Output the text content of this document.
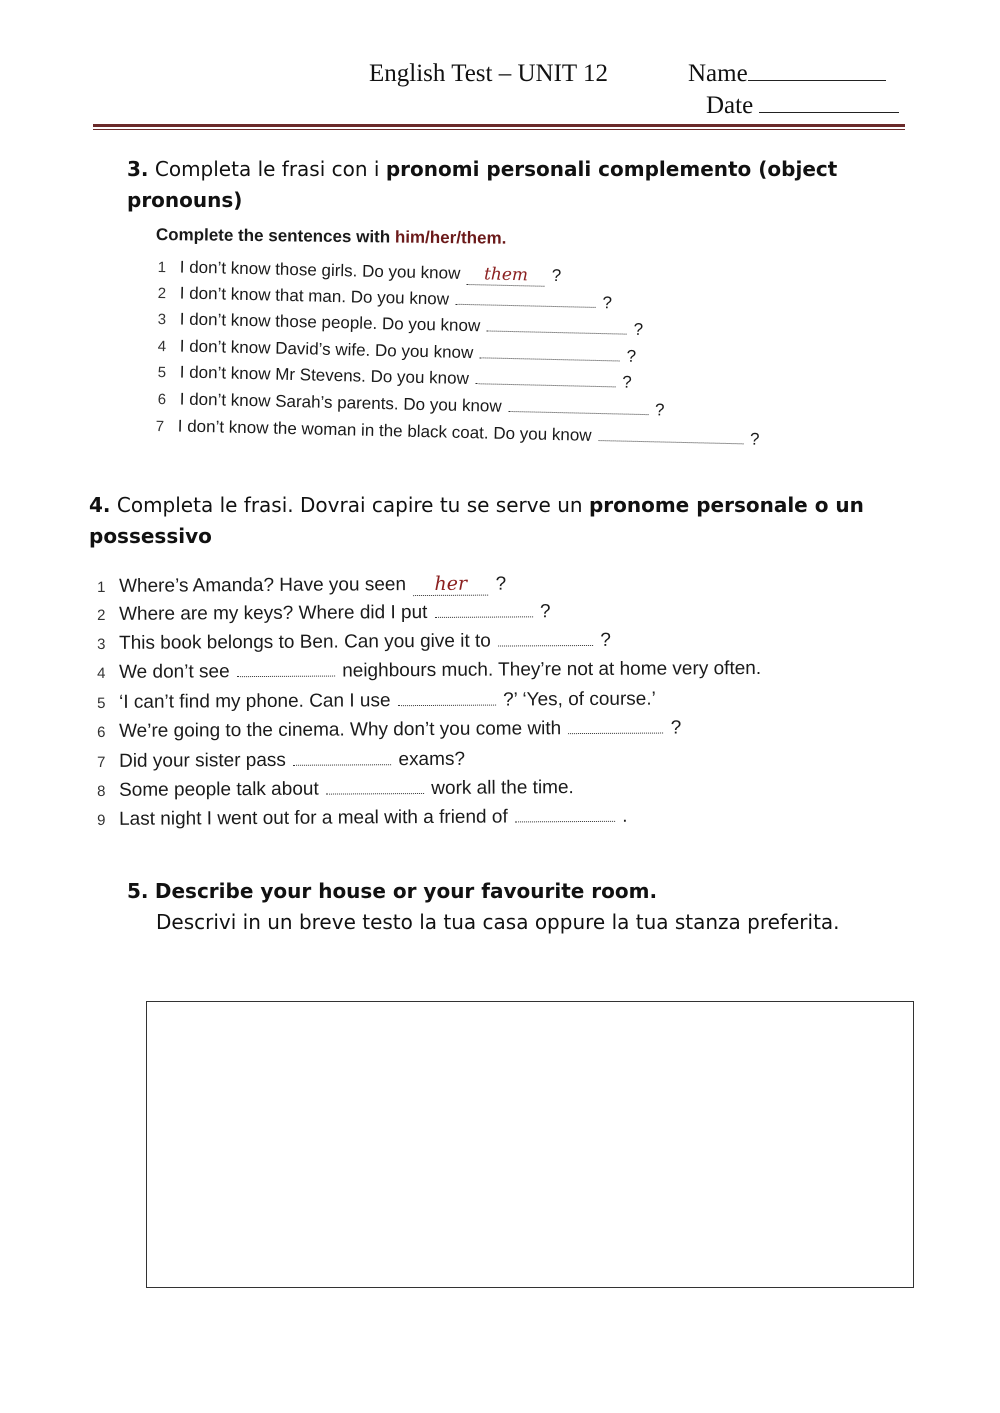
English Test – UNIT 12	Name
Date
3. Completa le frasi con i pronomi personali complemento (object pronouns)
Complete the sentences with him/her/them.
1 I don’t know those girls. Do you know them ?
2 I don’t know that man. Do you know	?
3 I don’t know those people. Do you know	?
4 I don’t know David’s wife. Do you know	?
5 I don’t know Mr Stevens. Do you know	?
6 I don’t know Sarah’s parents. Do you know	?
7 I don’t know the woman in the black coat. Do you know	?
4. Completa le frasi. Dovrai capire tu se serve un pronome personale o un possessivo
1 Where’s Amanda? Have you seen her ?
2 Where are my keys? Where did I put	?
3 This book belongs to Ben. Can you give it to	?
4 We don’t see	neighbours much. They’re not at home very often.
5 ‘I can’t find my phone. Can I use	?’ ‘Yes, of course.’
6 We’re going to the cinema. Why don’t you come with	?
7 Did your sister pass	exams?
8 Some people talk about	work all the time.
9 Last night I went out for a meal with a friend of	.
5. Describe your house or your favourite room.
Descrivi in un breve testo la tua casa oppure la tua stanza preferita.
